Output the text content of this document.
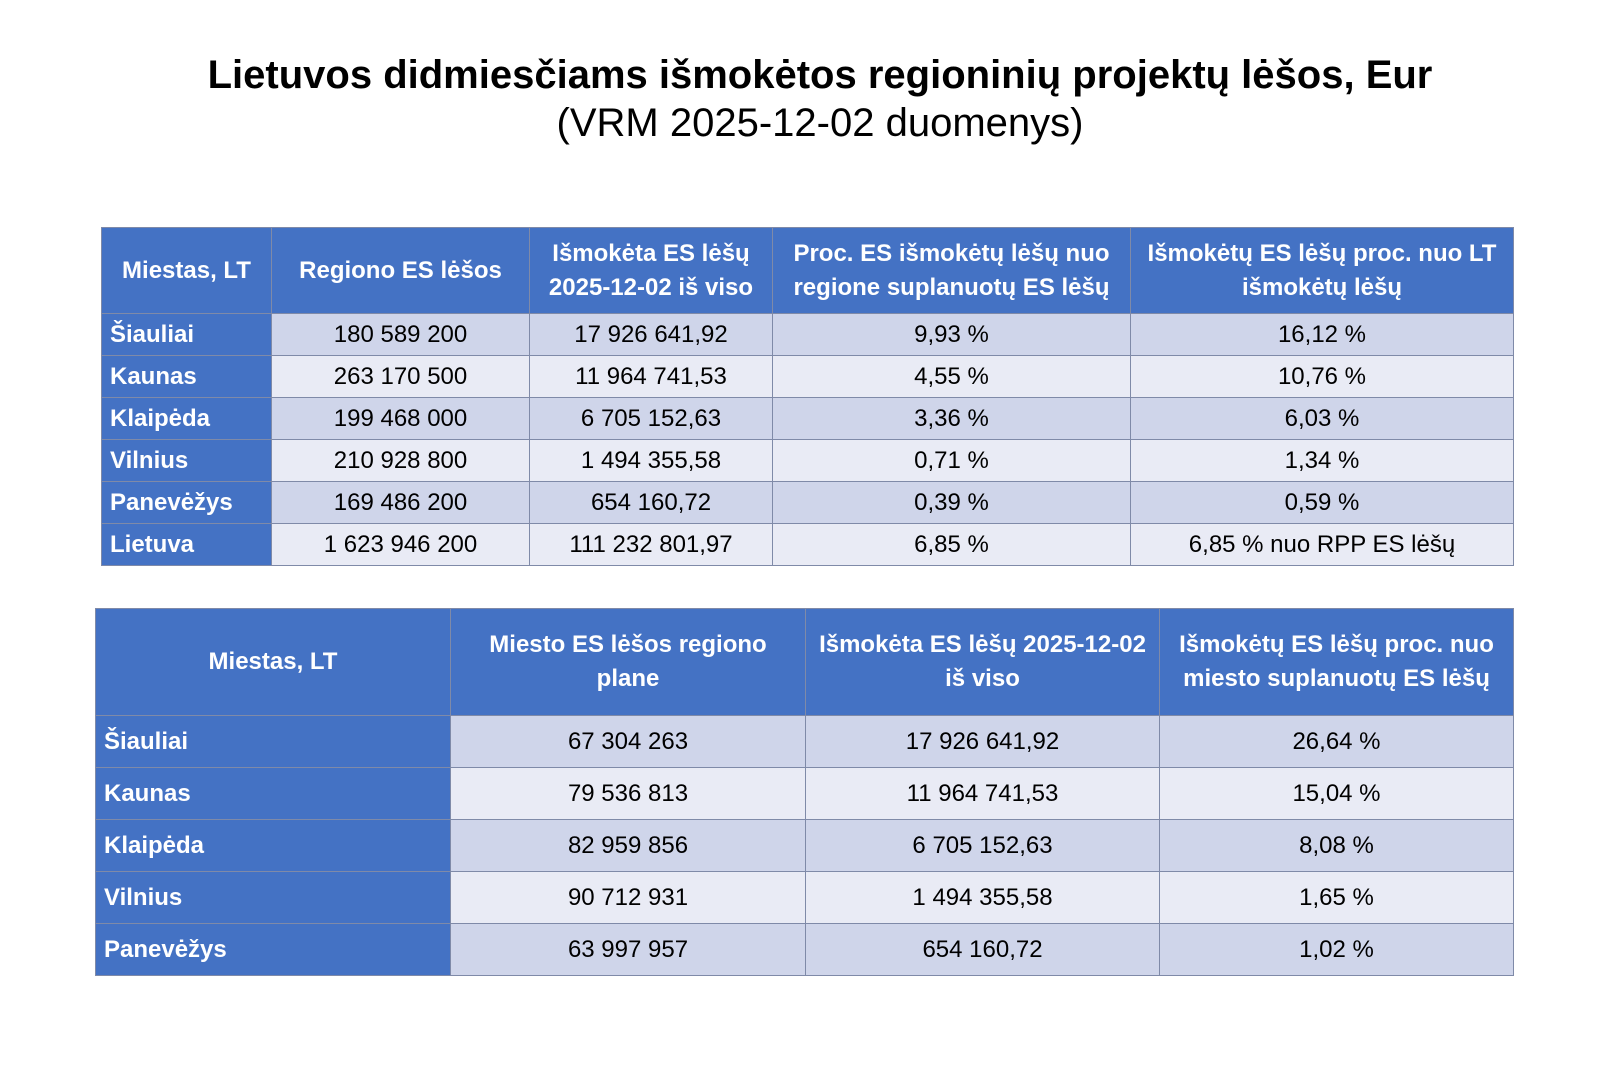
Lietuvos didmiesčiams išmokėtos regioninių projektų lėšos, Eur

(VRM 2025-12-02 duomenys)

Miestas, LT	Regiono ES lėšos	Išmokėta ES lėšų 2025-12-02 iš viso	Proc. ES išmokėtų lėšų nuo regione suplanuotų ES lėšų	Išmokėtų ES lėšų proc. nuo LT išmokėtų lėšų
Šiauliai	180 589 200	17 926 641,92	9,93 %	16,12 %
Kaunas	263 170 500	11 964 741,53	4,55 %	10,76 %
Klaipėda	199 468 000	6 705 152,63	3,36 %	6,03 %
Vilnius	210 928 800	1 494 355,58	0,71 %	1,34 %
Panevėžys	169 486 200	654 160,72	0,39 %	0,59 %
Lietuva	1 623 946 200	111 232 801,97	6,85 %	6,85 % nuo RPP ES lėšų
Miestas, LT	Miesto ES lėšos regiono plane	Išmokėta ES lėšų 2025-12-02 iš viso	Išmokėtų ES lėšų proc. nuo miesto suplanuotų ES lėšų
Šiauliai	67 304 263	17 926 641,92	26,64 %
Kaunas	79 536 813	11 964 741,53	15,04 %
Klaipėda	82 959 856	6 705 152,63	8,08 %
Vilnius	90 712 931	1 494 355,58	1,65 %
Panevėžys	63 997 957	654 160,72	1,02 %
